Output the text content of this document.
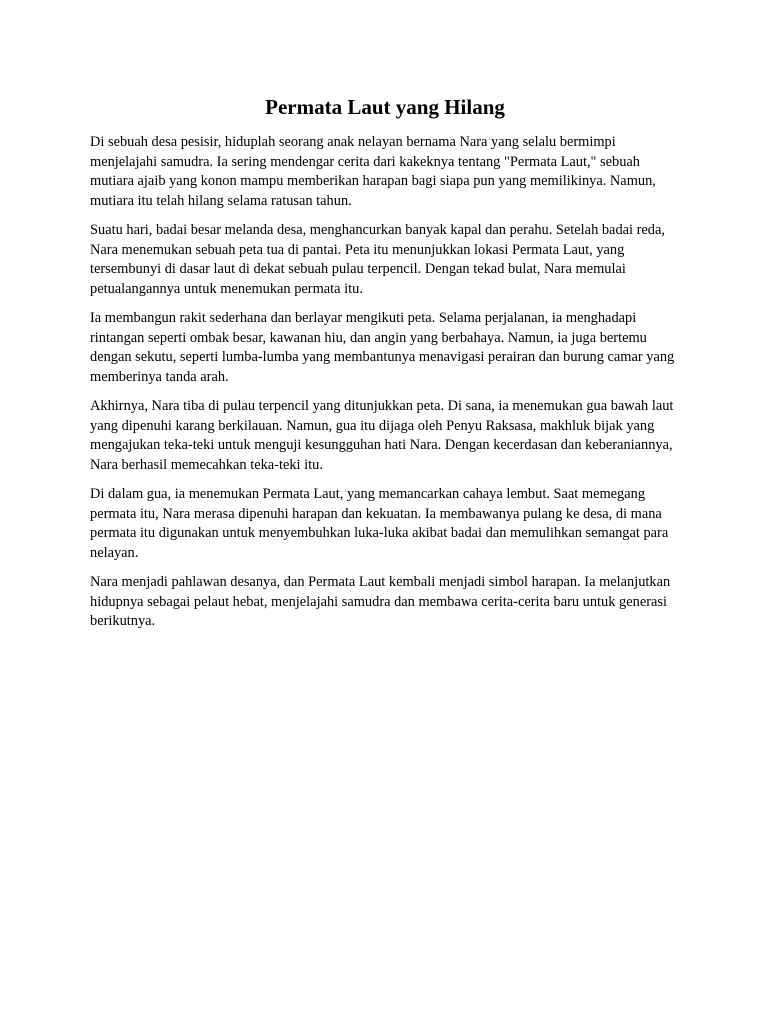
Permata Laut yang Hilang

Di sebuah desa pesisir, hiduplah seorang anak nelayan bernama Nara yang selalu bermimpi menjelajahi samudra. Ia sering mendengar cerita dari kakeknya tentang "Permata Laut," sebuah mutiara ajaib yang konon mampu memberikan harapan bagi siapa pun yang memilikinya. Namun, mutiara itu telah hilang selama ratusan tahun.

Suatu hari, badai besar melanda desa, menghancurkan banyak kapal dan perahu. Setelah badai reda, Nara menemukan sebuah peta tua di pantai. Peta itu menunjukkan lokasi Permata Laut, yang tersembunyi di dasar laut di dekat sebuah pulau terpencil. Dengan tekad bulat, Nara memulai petualangannya untuk menemukan permata itu.

Ia membangun rakit sederhana dan berlayar mengikuti peta. Selama perjalanan, ia menghadapi rintangan seperti ombak besar, kawanan hiu, dan angin yang berbahaya. Namun, ia juga bertemu dengan sekutu, seperti lumba-lumba yang membantunya menavigasi perairan dan burung camar yang memberinya tanda arah.

Akhirnya, Nara tiba di pulau terpencil yang ditunjukkan peta. Di sana, ia menemukan gua bawah laut yang dipenuhi karang berkilauan. Namun, gua itu dijaga oleh Penyu Raksasa, makhluk bijak yang mengajukan teka-teki untuk menguji kesungguhan hati Nara. Dengan kecerdasan dan keberaniannya, Nara berhasil memecahkan teka-teki itu.

Di dalam gua, ia menemukan Permata Laut, yang memancarkan cahaya lembut. Saat memegang permata itu, Nara merasa dipenuhi harapan dan kekuatan. Ia membawanya pulang ke desa, di mana permata itu digunakan untuk menyembuhkan luka-luka akibat badai dan memulihkan semangat para nelayan.

Nara menjadi pahlawan desanya, dan Permata Laut kembali menjadi simbol harapan. Ia melanjutkan hidupnya sebagai pelaut hebat, menjelajahi samudra dan membawa cerita-cerita baru untuk generasi berikutnya.
